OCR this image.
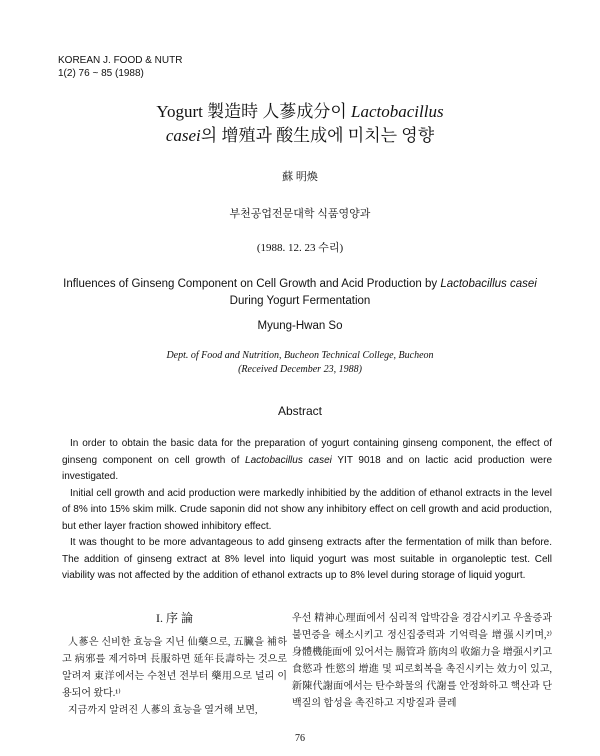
KOREAN J. FOOD & NUTR
1(2) 76 ~ 85 (1988)
Yogurt 製造時 人蔘成分이 Lactobacillus
casei의 增殖과 酸生成에 미치는 영향
蘇 明煥
부천공업전문대학 식품영양과
(1988. 12. 23 수리)
Influences of Ginseng Component on Cell Growth and Acid Production by Lactobacillus casei
During Yogurt Fermentation
Myung-Hwan So
Dept. of Food and Nutrition, Bucheon Technical College, Bucheon
(Received December 23, 1988)
Abstract

In order to obtain the basic data for the preparation of yogurt containing ginseng component, the effect of ginseng component on cell growth of Lactobacillus casei YIT 9018 and on lactic acid production were investigated.

Initial cell growth and acid production were markedly inhibitied by the addition of ethanol extracts in the level of 8% into 15% skim milk. Crude saponin did not show any inhibitory effect on cell growth and acid production, but ether layer fraction showed inhibitory effect.

It was thought to be more advantageous to add ginseng extracts after the fermentation of milk than before. The addition of ginseng extract at 8% level into liquid yogurt was most suitable in organoleptic test. Cell viability was not affected by the addition of ethanol extracts up to 8% level during storage of liquid yogurt.

I. 序 論

人蔘은 신비한 효능을 지닌 仙藥으로, 五臟을 補하고 病邪를 제거하며 長服하면 延年長壽하는 것으로 알려져 東洋에서는 수천년 전부터 藥用으로 널리 이용되어 왔다.¹⁾

지금까지 알려진 人蔘의 효능을 열거해 보면,

우선 精神心理面에서 심리적 압박감을 경감시키고 우울증과 불면증을 해소시키고 정신집중력과 기억력을 增强시키며,²⁾ 身體機能面에 있어서는 腸管과 筋肉의 收縮力을 增强시키고 食慾과 性慾의 增進 및 피로회복을 촉진시키는 效力이 있고, 新陳代謝面에서는 탄수화물의 代謝를 안정화하고 핵산과 단백질의 합성을 촉진하고 지방질과 콜레

76
